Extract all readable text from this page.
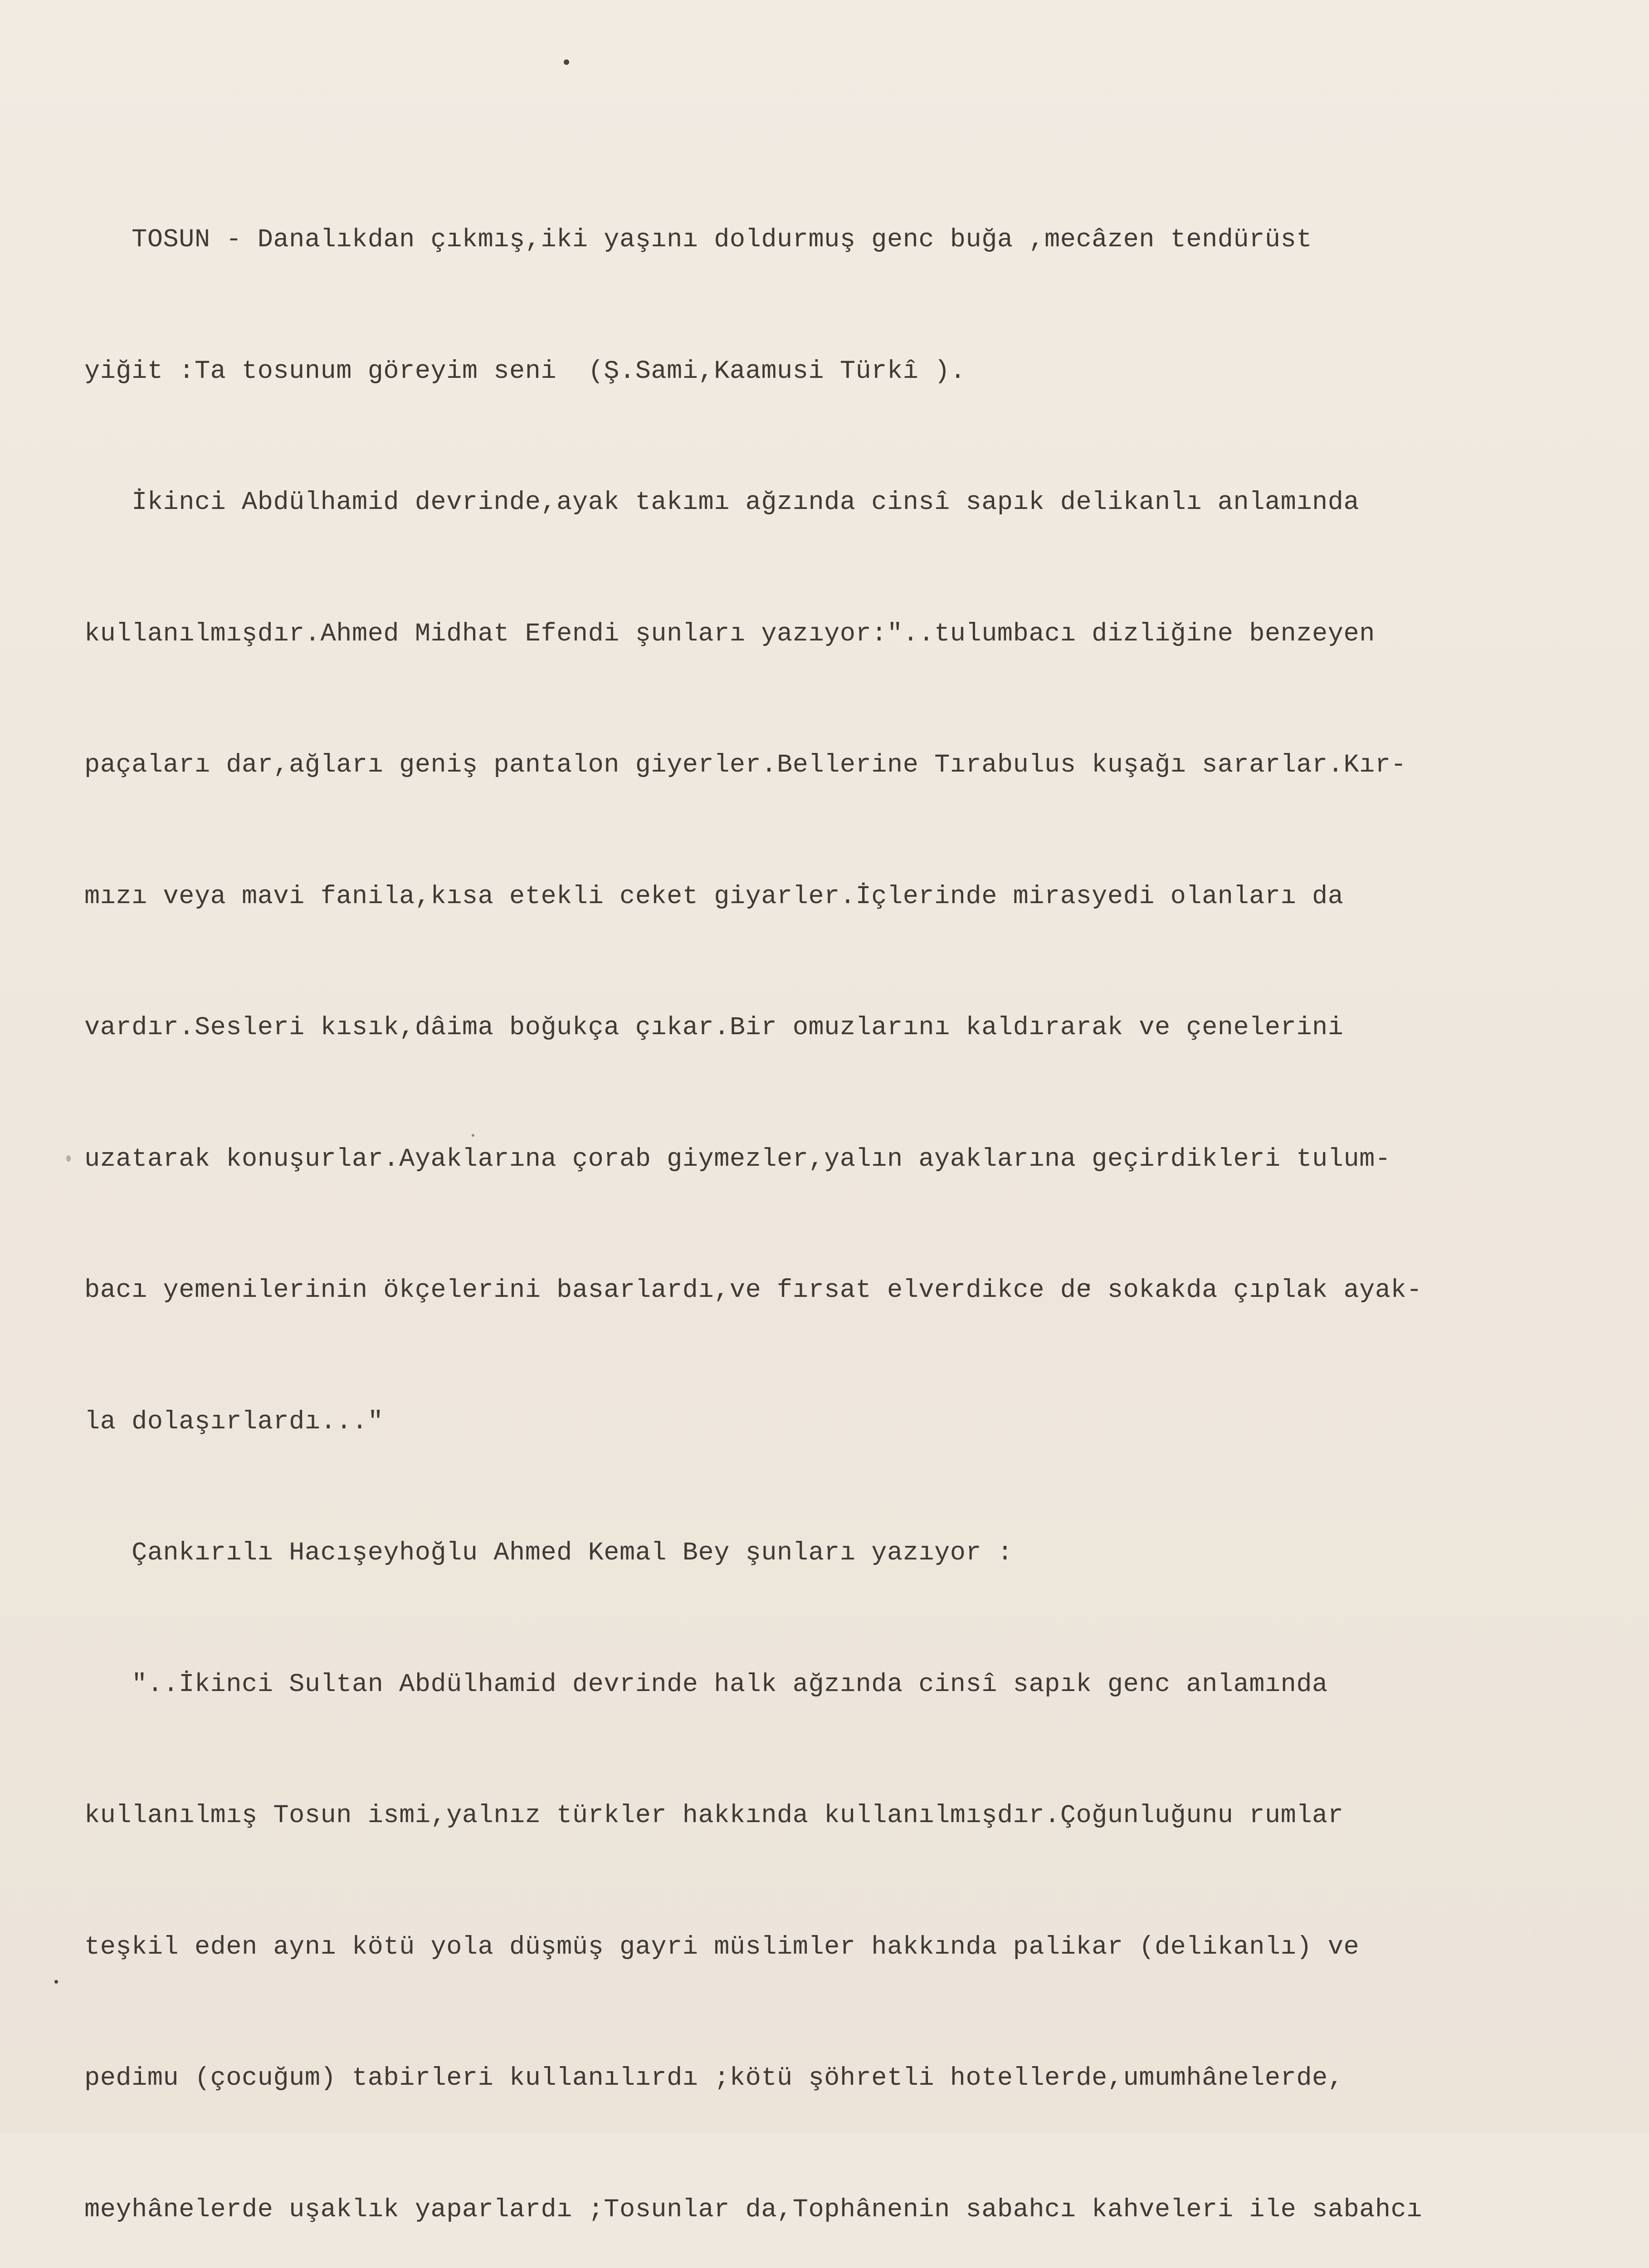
TOSUN - Danalıkdan çıkmış,iki yaşını doldurmuş genc buğa ,mecâzen tendürüst

yiğit :Ta tosunum göreyim seni  (Ş.Sami,Kaamusi Türkî ).

İkinci Abdülhamid devrinde,ayak takımı ağzında cinsî sapık delikanlı anlamında

kullanılmışdır.Ahmed Midhat Efendi şunları yazıyor:"..tulumbacı dizliğine benzeyen

paçaları dar,ağları geniş pantalon giyerler.Bellerine Tırabulus kuşağı sararlar.Kır-

mızı veya mavi fanila,kısa etekli ceket giyarler.İçlerinde mirasyedi olanları da

vardır.Sesleri kısık,dâima boğukça çıkar.Bir omuzlarını kaldırarak ve çenelerini

uzatarak konuşurlar.Ayaklarına çorab giymezler,yalın ayaklarına geçirdikleri tulum-

bacı yemenilerinin ökçelerini basarlardı,ve fırsat elverdikce de sokakda çıplak ayak-

la dolaşırlardı..."

Çankırılı Hacışeyhoğlu Ahmed Kemal Bey şunları yazıyor :

"..İkinci Sultan Abdülhamid devrinde halk ağzında cinsî sapık genc anlamında

kullanılmış Tosun ismi,yalnız türkler hakkında kullanılmışdır.Çoğunluğunu rumlar

teşkil eden aynı kötü yola düşmüş gayri müslimler hakkında palikar (delikanlı) ve

pedimu (çocuğum) tabirleri kullanılırdı ;kötü şöhretli hotellerde,umumhânelerde,

meyhânelerde uşaklık yaparlardı ;Tosunlar da,Tophânenin sabahcı kahveleri ile sabahcı
